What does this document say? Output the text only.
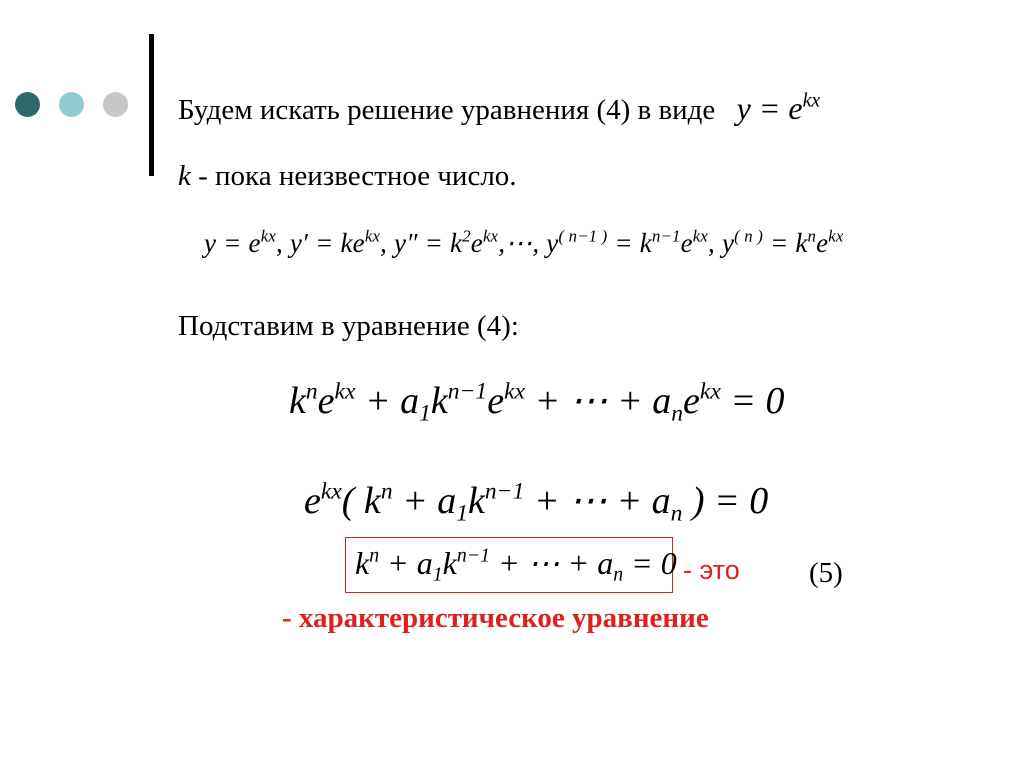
Будем искать решение уравнения (4) в виде $y = e^{kx}$
k - пока неизвестное число.
$y = e^{kx}$, $y' = ke^{kx}$, $y'' = k^2e^{kx},\cdots$, $y^{( n-1 )} = k^{n-1}e^{kx}$, $y^{( n )} = k^ne^{kx}$
Подставим в уравнение (4):
$k^ne^{kx} + a_1k^{n-1}e^{kx}$ + ⋯ + $a_ne^{kx} = 0$
$e^{kx}$( $k^n + a_1k^{n-1}$ + ⋯ + $a_n$ ) = 0
$k^n + a_1k^{n-1}$ + ⋯ + $a_n = 0$ - это (5)
- характеристическое уравнение
